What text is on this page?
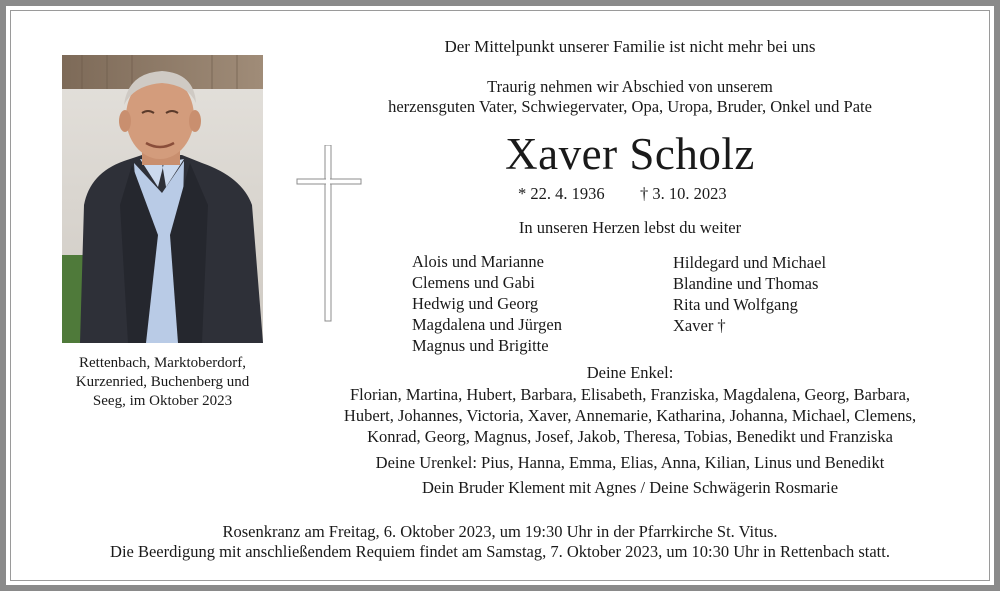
Der Mittelpunkt unserer Familie ist nicht mehr bei uns
Traurig nehmen wir Abschied von unserem
herzensguten Vater, Schwiegervater, Opa, Uropa, Bruder, Onkel und Pate
Xaver Scholz
* 22. 4. 1936 † 3. 10. 2023
In unseren Herzen lebst du weiter
Rettenbach, Marktoberdorf,
Kurzenried, Buchenberg und
Seeg, im Oktober 2023
Alois und Marianne
Clemens und Gabi
Hedwig und Georg
Magdalena und Jürgen
Magnus und Brigitte
Hildegard und Michael
Blandine und Thomas
Rita und Wolfgang
Xaver †
Deine Enkel:
Florian, Martina, Hubert, Barbara, Elisabeth, Franziska, Magdalena, Georg, Barbara,
Hubert, Johannes, Victoria, Xaver, Annemarie, Katharina, Johanna, Michael, Clemens,
Konrad, Georg, Magnus, Josef, Jakob, Theresa, Tobias, Benedikt und Franziska
Deine Urenkel: Pius, Hanna, Emma, Elias, Anna, Kilian, Linus und Benedikt
Dein Bruder Klement mit Agnes / Deine Schwägerin Rosmarie
Rosenkranz am Freitag, 6. Oktober 2023, um 19:30 Uhr in der Pfarrkirche St. Vitus.
Die Beerdigung mit anschließendem Requiem findet am Samstag, 7. Oktober 2023, um 10:30 Uhr in Rettenbach statt.
